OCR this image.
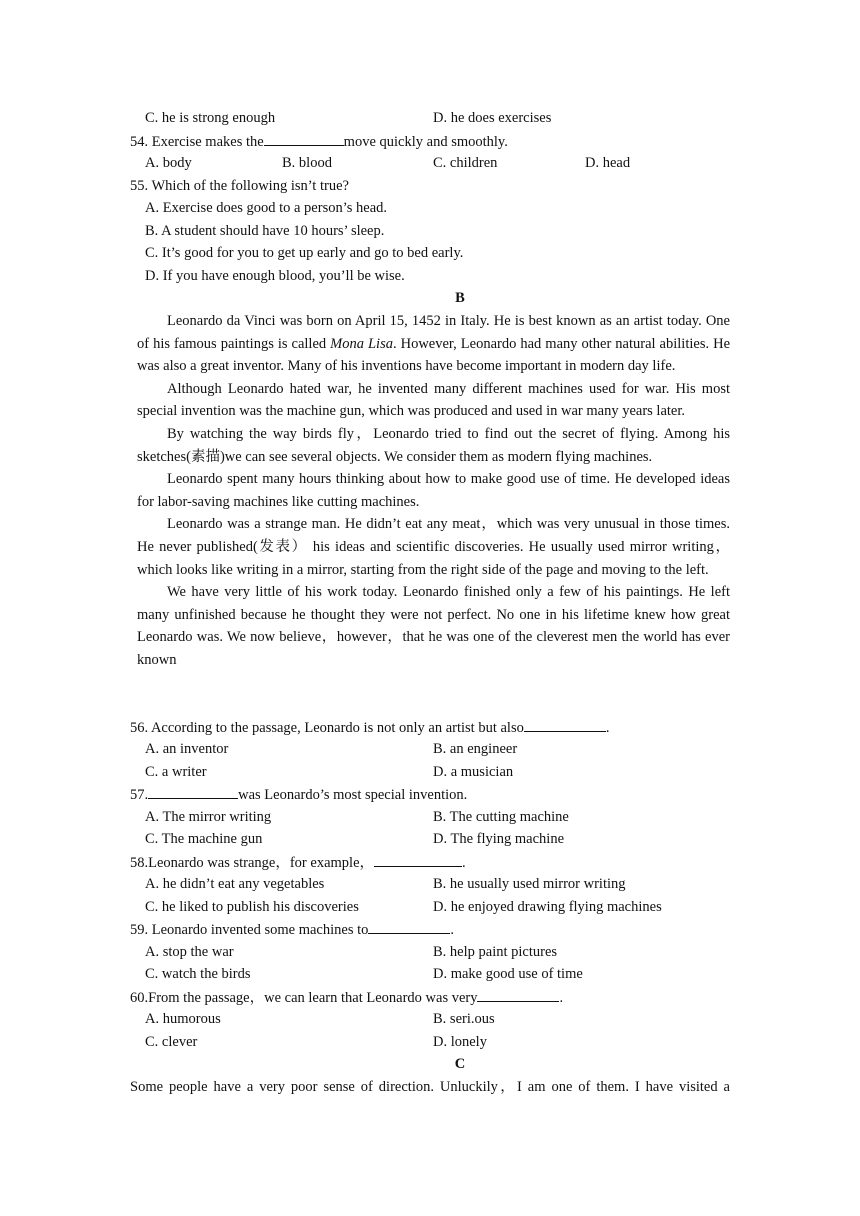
C. he is strong enough	D. he does exercises
54. Exercise makes the	move quickly and smoothly.
A. body	B. blood	C. children	D. head
55. Which of the following isn’t true?
A. Exercise does good to a person’s head.
B. A student should have 10 hours’ sleep.
C. It’s good for you to get up early and go to bed early.
D. If you have enough blood, you’ll be wise.
B

Leonardo da Vinci was born on April 15, 1452 in Italy. He is best known as an artist today. One of his famous paintings is called Mona Lisa. However, Leonardo had many other natural abilities. He was also a great inventor. Many of his inventions have become important in modern day life.

Although Leonardo hated war, he invented many different machines used for war. His most special invention was the machine gun, which was produced and used in war many years later.

By watching the way birds fly，Leonardo tried to find out the secret of flying. Among his sketches(素描)we can see several objects. We consider them as modern flying machines.

Leonardo spent many hours thinking about how to make good use of time. He developed ideas for labor-saving machines like cutting machines.

Leonardo was a strange man. He didn’t eat any meat，which was very unusual in those times. He never published(发表） his ideas and scientific discoveries. He usually used mirror writing，which looks like writing in a mirror, starting from the right side of the page and moving to the left.

We have very little of his work today. Leonardo finished only a few of his paintings. He left many unfinished because he thought they were not perfect. No one in his lifetime knew how great Leonardo was. We now believe，however，that he was one of the cleverest men the world has ever known

56. According to the passage, Leonardo is not only an artist but also	.
A. an inventor	B. an engineer
C. a writer	D. a musician
57.	was Leonardo’s most special invention.
A. The mirror writing	B. The cutting machine
C. The machine gun	D. The flying machine
58.Leonardo was strange，for example，	.
A. he didn’t eat any vegetables	B. he usually used mirror writing
C. he liked to publish his discoveries	D. he enjoyed drawing flying machines
59. Leonardo invented some machines to	.
A. stop the war	B. help paint pictures
C. watch the birds	D. make good use of time
60.From the passage，we can learn that Leonardo was very	.
A. humorous	B. seri.ous
C. clever	D. lonely
C
Some people have a very poor sense of direction. Unluckily，I am one of them. I have visited a
